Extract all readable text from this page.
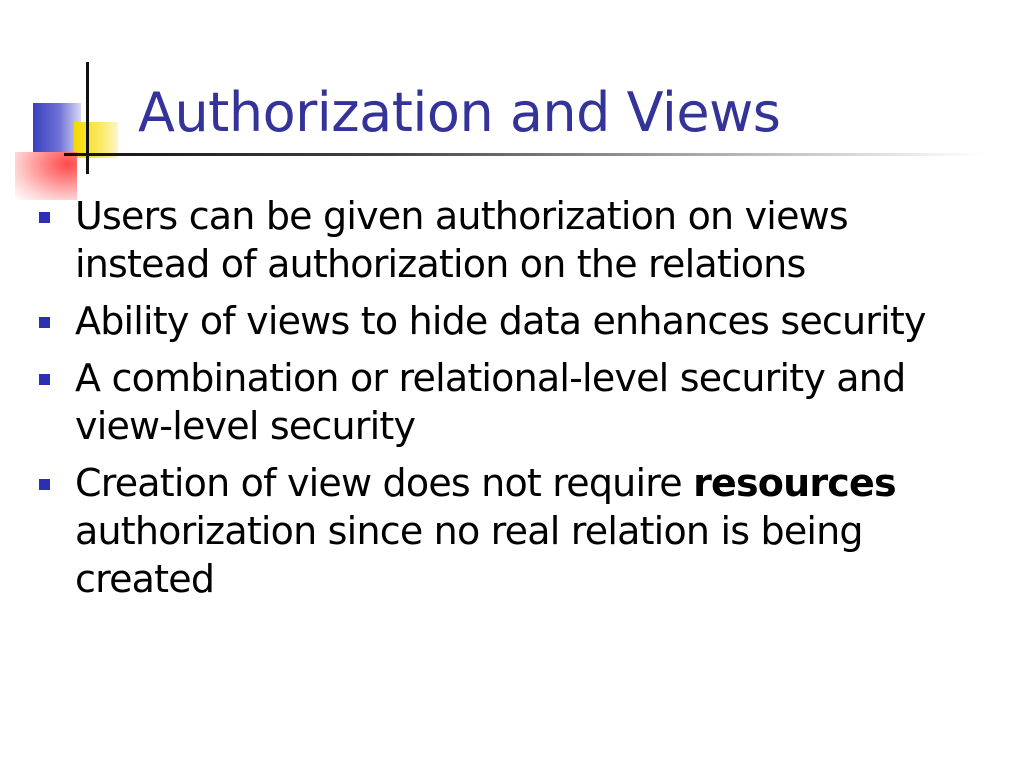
Authorization and Views
Users can be given authorization on views instead of authorization on the relations
Ability of views to hide data enhances security
A combination or relational-level security and view-level security
Creation of view does not require resources authorization since no real relation is being created
